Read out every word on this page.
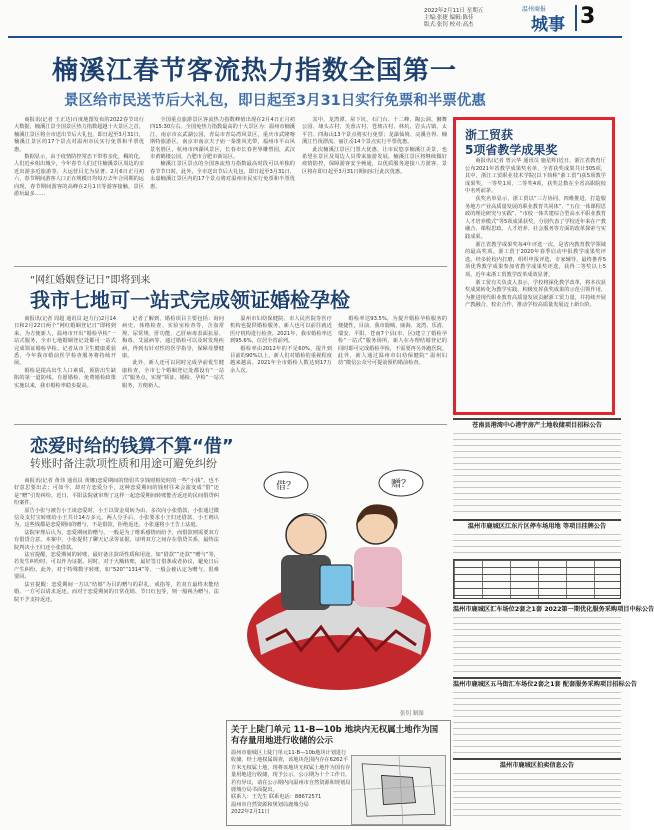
2022年2月11日 星期五
主编:张捷 编辑:陈佳
版式:张钊 校对:高杰
温州商报
城事 3
楠溪江春节客流热力指数全国第一
景区给市民送节后大礼包，即日起至3月31日实行免票和半票优惠

商报讯(记者 王正达)百度地图发布的2022春节出行大数据，楠溪江景全国景区热力指数超越十大景区之首。楠溪江景区将全市送出节后大礼包，即日起至3月31日，楠溪江景区的17个景点对温州市民实行免票和半票优惠。

数据显示，由于疫情防控常态下带着亲化，稠的化，人们近乡相出城少，今年春节人们过往楠溪景区周边的亲近出游多近旅游等，大运营目尤为显著。2月6日正月初六，春节期间游客人口正在规模日均每万去年合同期的运向现，春节期间游客的高峰在2月1日等游客接触，景区游玩最多……

全国重点旅游景区客流热力指数峰值出现在2月4日正月初四15:30左右。全国免热力指数最高的十大景区为：温州市楠溪江，南京市玄武湖公园，青岛市青岛湾风景区，重庆市武隆喀斯特旅游区，南京市南京夫子庙一秦淮风光带，福州市平山风景名胜区，杭州市西湖风景区，长春市长春世界雕塑园，武汉市黄鹤楼公园，合肥市合肥市新站区。

楠溪江景区景点的全国客流热力指数最高时段可以单独的春节节日时，此外，全市送出节后大礼包，即日起至3月31日，永嘉楠溪江景区内的17个景点将对温州市民实行免票和半票优惠。

其中，龙湾潭、屋下坑、石门台、十二峰、陶公洞、狮舞公园、埭头古村、芙蓉古村、苍坡古村、林坑、岩头古镇、太平岩、四海山13个景点将实行免票；龙瀑仙境、浣溪自得、楠溪江竹筏漂流、丽江岙14个景点实行半票优惠。

此次楠溪江景区门票大优惠，让市民悠享楠溪江美景，也希望在景区及周边人员带来旅游发展。楠溪江景区将继续做好疫情防控，保障游客安全畅通，以优质服务迎接八方游客，景区将在即日起至3月31日期间实行此次优惠。

浙工贸获
5项省教学成果奖

商报讯(记者 曾云华 通讯员 施星辉)近日，浙江省教育厅公布2021年省教学成果奖名单，全省获奖成果共计305项，其中，浙江工贸职业技术学院(以下简称“浙工贸”)获5项教学成果奖，一等奖1项、二等奖4项，获奖总数在全省高职院校中名列前茅。

获奖名单显示，浙工贸以“三方协同、四维推进，打造服务地方产业高质量发展的职业教育共同体”、“五位一体课程思政的理论研究与实践”、“市校一体共建综合型高水平职业教育人才培养模式”等5项成果获奖，分别代表了学校近年来在产教融合、课程思政、人才培养、社会服务等方面的改革探索与实践成果。

浙江省教学成果奖每4年评选一次，是省内教育教学领域的最高奖项。浙工贸于2020年春季启动申报教学成果奖评选，经多轮校内打磨，组织申报评选，专家辅导，最终推荐5项优秀教学成果参加省教学成果奖评选，获得二等奖以上5项，近年来浙工贸教学改革成效显著。

浙工贸有关负责人表示，学校将深化教学改革，将本次获奖成果转化为教学实践，积极发挥获奖成果的示范引领作用，为推进现代职业教育高质量发展贡献浙工贸力量，并持续开展产教融合、校企合作，推动学校高质量发展迈上新台阶。

“网红婚姻登记日”即将到来
我市七地可一站式完成领证婚检孕检

商报讯(记者 周超 通讯员 赵力行)2月14日和2月22日两个“网红婚姻登记日”即将到来，为方便新人，温州市开出“婚检孕检”一站式服务，全市七地婚姻登记处都可一站式完成领证婚检孕检。记者从市卫生健康委获悉，今年我市婚前医学检查服务将持续开展。

婚检是提高出生人口素质，预防出生缺陷的第一道防线。自愿婚检、免费婚检政策实施以来，我市婚检率稳步提高。

记者了解到，婚检项目主要包括：询问病史、体格检查、实验室检查等，含血常规、尿常规、肝功能、乙肝病毒表面抗原、梅毒、艾滋病等，通过婚检可以及时发现疾病，得到有针对性的医学指导，保障母婴健康。

此外，新人还可以同时完成孕前优生健康检查，全市七个婚姻登记处都设有“一站式”服务点，实现“领证、婚检、孕检”一站式服务，方便新人。

温州市妇幼保健院、市人民医院等医疗机构也提供婚检服务，新人也可以前往就近医疗机构进行检查。2021年，我市婚检率达到95.6%，位居全省前列。

婚检率由2012年的不足60%，提升到目前的90%以上，新人们对婚检的重视程度越来越高。2021年全市婚检人数达到17万余人次。

婚检率达93.5%。为提升婚检孕检服务的便捷性，目前，我市鹿城、瓯海、龙湾、乐清、瑞安、平阳、苍南7个县(市、区)建立了婚检孕检“一站式”服务场所，新人在办理结婚登记的同时即可完成婚检孕检，不需要再另外跑医院。此外，新人通过温州市妇幼保健院“ 温州妇幼”微信公众号可提前预约婚前检查。

恋爱时给的钱算不算“借”
转账时备注款项性质和用途可避免纠纷

商报讯(记者 黄伟 通讯员 黄娜)恋爱期间的情侣共享钱财相处时的一些“小钱”，也不好意思要出去；可如今，却对方恋爱分手，这种恋爱期间的钱财往来会演变成“借”还是“赠”引发纠纷。近日，平阳法院就审理了这样一起恋爱期间转账能否返还的民间借贷纠纷案件。

原告小张与被告小王谈恋爱时，小王以资金周转为由，多次向小张借款，小张通过微信及支付宝转账给小王共计14万多元。两人分手后，小张要求小王归还借款，小王则认为，这些钱都是恋爱期间的赠与，不是借款，拒绝返还。小张遂将小王告上法庭。

法院审理后认为，恋爱期间的赠与，一般是为了维系感情而给予，而借款则需要双方有借贷合意。本案中，小张提供了聊天记录等证据，证明双方之间存在借贷关系，最终法院判决小王归还小张借款。

法官提醒，恋爱期间的转账，最好备注款项性质和用途，如“借款”“还款”“赠与”等，若发生纠纷时，可以作为证据。同时，对于大额转账，最好签订借条或者协议，避免日后产生纠纷。此外，对于特殊数字转账，如“520”“1314”等，一般会被认定为赠与，很难要回。

法官提醒：恋爱期间一方以“结婚”为目的赠与的彩礼、戒指等，若双方最终未能结婚，一方可以请求返还。而对于恋爱期间的日常花销、节日红包等，则一般视为赠与，法院不予支持返还。

借？	赠？
张钊 制图
关于上陡门单元 11-B—10b 地块内无权属土地作为国有存量用地进行收储的公示
温州市鹿城区上陡门单元11-B—10b地块计划进行收储，经土地权属调查，该地块范围内存在6262平方米无权属土地，现将该地块无权属土地作为国有存量用地进行收储，现予公示。公示期为十个工作日，若有异议，请在公示期内向温州市自然资源和规划局鹿城分局书面提出。
联系人：王先生 联系电话：88672571
温州市自然资源和规划局鹿城分局
2022年2月11日
苍南县港湾中心港宇房产土地收储项目招标公告
温州市鹿城区江东片区停车场用地 等项目挂牌公告
温州市鹿城区汇车场位2套之1套 2022第一期优化服务采购项目中标公告
温州市鹿城区五马街汇车场位2套之1套 配套服务采购项目招标公告
温州市鹿城区拍卖信息公告
